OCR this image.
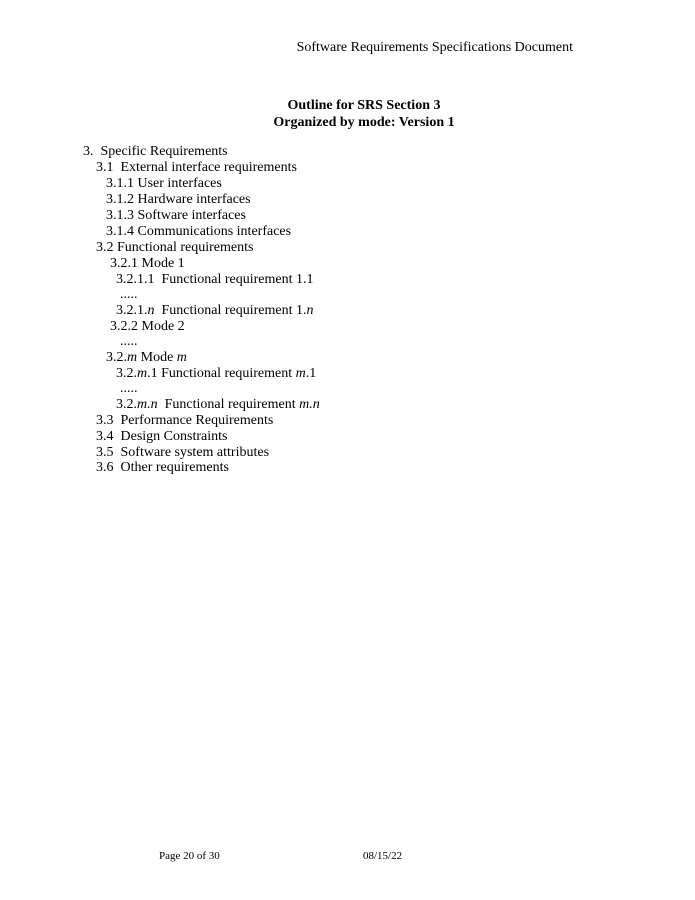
Software Requirements Specifications Document
Outline for SRS Section 3
Organized by mode: Version 1
3. Specific Requirements
3.1 External interface requirements
3.1.1 User interfaces
3.1.2 Hardware interfaces
3.1.3 Software interfaces
3.1.4 Communications interfaces
3.2 Functional requirements
3.2.1 Mode 1
3.2.1.1 Functional requirement 1.1
.....
3.2.1.n Functional requirement 1.n
3.2.2 Mode 2
.....
3.2.m Mode m
3.2.m.1 Functional requirement m.1
.....
3.2.m.n Functional requirement m.n
3.3 Performance Requirements
3.4 Design Constraints
3.5 Software system attributes
3.6 Other requirements
Page 20 of 30	08/15/22
